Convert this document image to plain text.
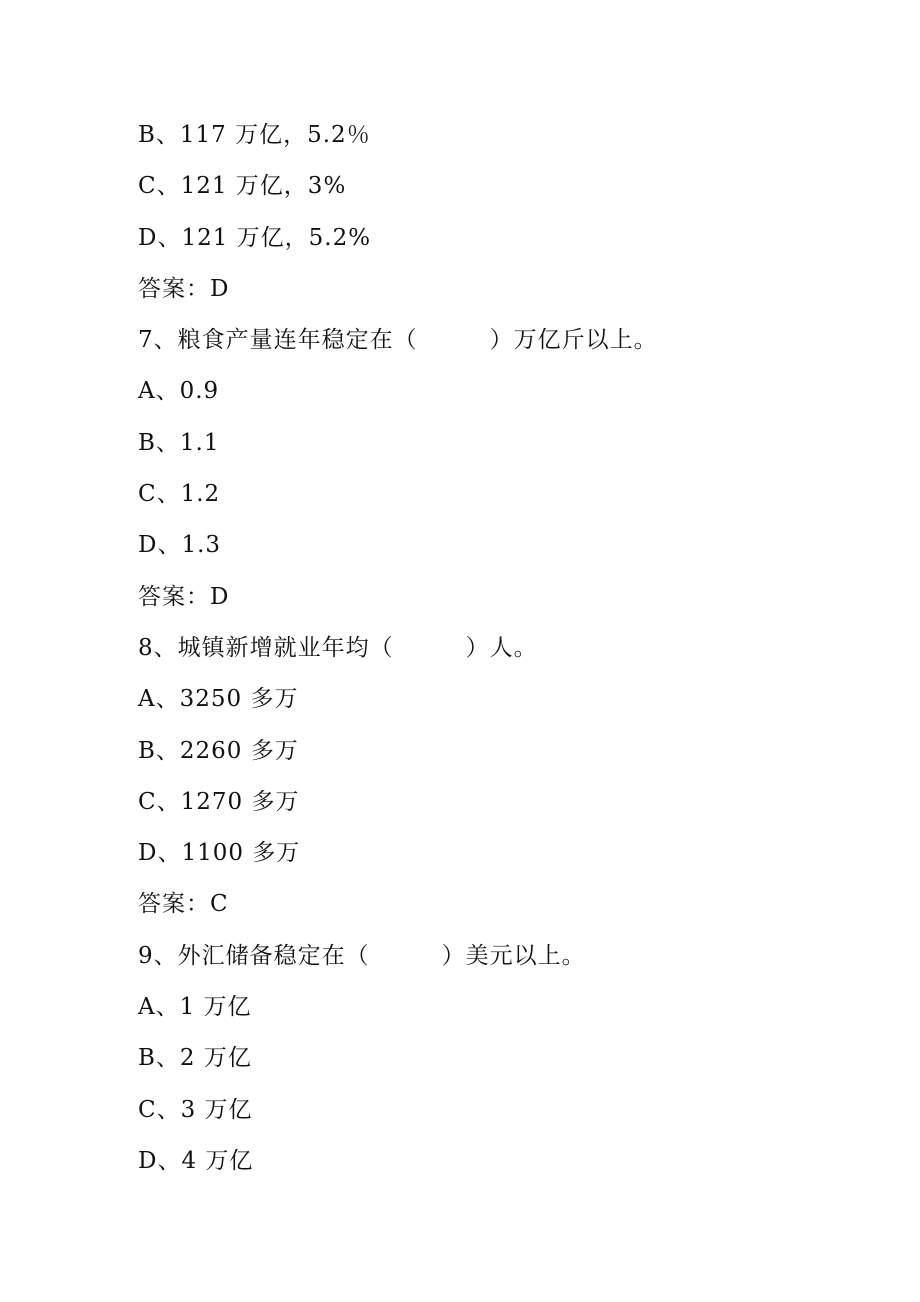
B、117 万亿，5.2％
C、121 万亿，3%
D、121 万亿，5.2%
答案：D
7、粮食产量连年稳定在（　　　）万亿斤以上。
A、0.9
B、1.1
C、1.2
D、1.3
答案：D
8、城镇新增就业年均（　　　）人。
A、3250 多万
B、2260 多万
C、1270 多万
D、1100 多万
答案：C
9、外汇储备稳定在（　　　）美元以上。
A、1 万亿
B、2 万亿
C、3 万亿
D、4 万亿
